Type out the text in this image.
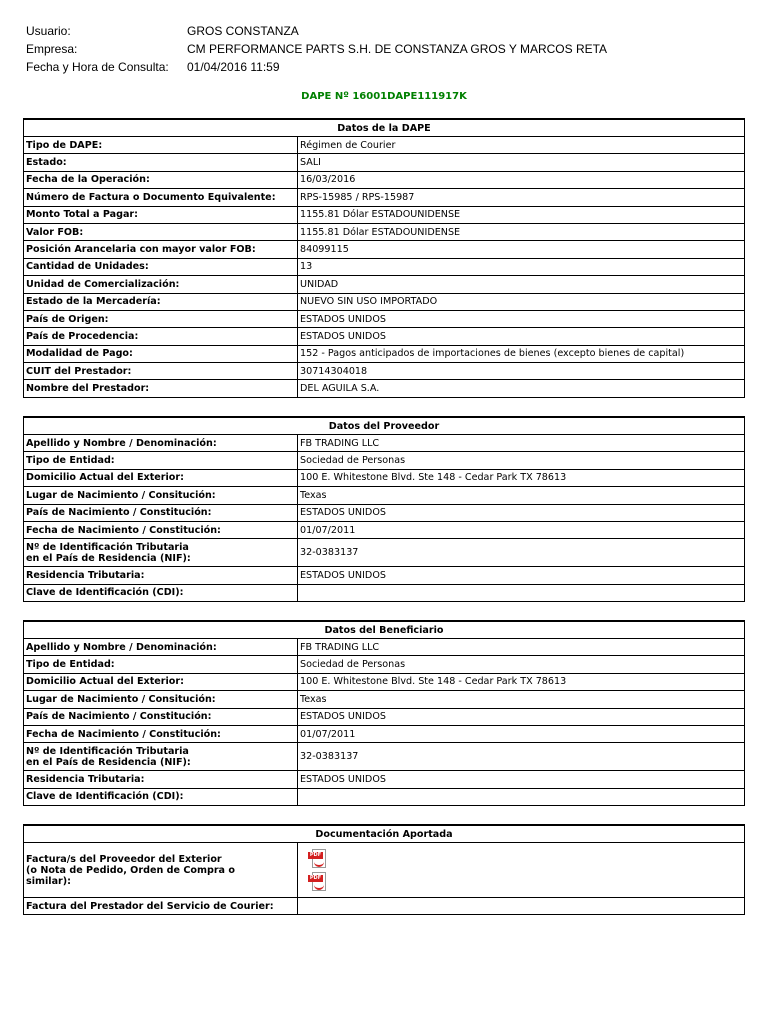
Usuario:	GROS CONSTANZA
Empresa:	CM PERFORMANCE PARTS S.H. DE CONSTANZA GROS Y MARCOS RETA
Fecha y Hora de Consulta:	01/04/2016 11:59
DAPE Nº 16001DAPE111917K
Datos de la DAPE	
Tipo de DAPE:	Régimen de Courier
Estado:	SALI
Fecha de la Operación:	16/03/2016
Número de Factura o Documento Equivalente:	RPS-15985 / RPS-15987
Monto Total a Pagar:	1155.81 Dólar ESTADOUNIDENSE
Valor FOB:	1155.81 Dólar ESTADOUNIDENSE
Posición Arancelaria con mayor valor FOB:	84099115
Cantidad de Unidades:	13
Unidad de Comercialización:	UNIDAD
Estado de la Mercadería:	NUEVO SIN USO IMPORTADO
País de Origen:	ESTADOS UNIDOS
País de Procedencia:	ESTADOS UNIDOS
Modalidad de Pago:	152 - Pagos anticipados de importaciones de bienes (excepto bienes de capital)
CUIT del Prestador:	30714304018
Nombre del Prestador:	DEL AGUILA S.A.
Datos del Proveedor	
Apellido y Nombre / Denominación:	FB TRADING LLC
Tipo de Entidad:	Sociedad de Personas
Domicilio Actual del Exterior:	100 E. Whitestone Blvd. Ste 148 - Cedar Park TX 78613
Lugar de Nacimiento / Consitución:	Texas
País de Nacimiento / Constitución:	ESTADOS UNIDOS
Fecha de Nacimiento / Constitución:	01/07/2011
Nº de Identificación Tributaria
en el País de Residencia (NIF):	32-0383137
Residencia Tributaria:	ESTADOS UNIDOS
Clave de Identificación (CDI):	
Datos del Beneficiario	
Apellido y Nombre / Denominación:	FB TRADING LLC
Tipo de Entidad:	Sociedad de Personas
Domicilio Actual del Exterior:	100 E. Whitestone Blvd. Ste 148 - Cedar Park TX 78613
Lugar de Nacimiento / Consitución:	Texas
País de Nacimiento / Constitución:	ESTADOS UNIDOS
Fecha de Nacimiento / Constitución:	01/07/2011
Nº de Identificación Tributaria
en el País de Residencia (NIF):	32-0383137
Residencia Tributaria:	ESTADOS UNIDOS
Clave de Identificación (CDI):	
Documentación Aportada	
Factura/s del Proveedor del Exterior
(o Nota de Pedido, Orden de Compra o
similar):	PDF
PDF

Factura del Prestador del Servicio de Courier:	
